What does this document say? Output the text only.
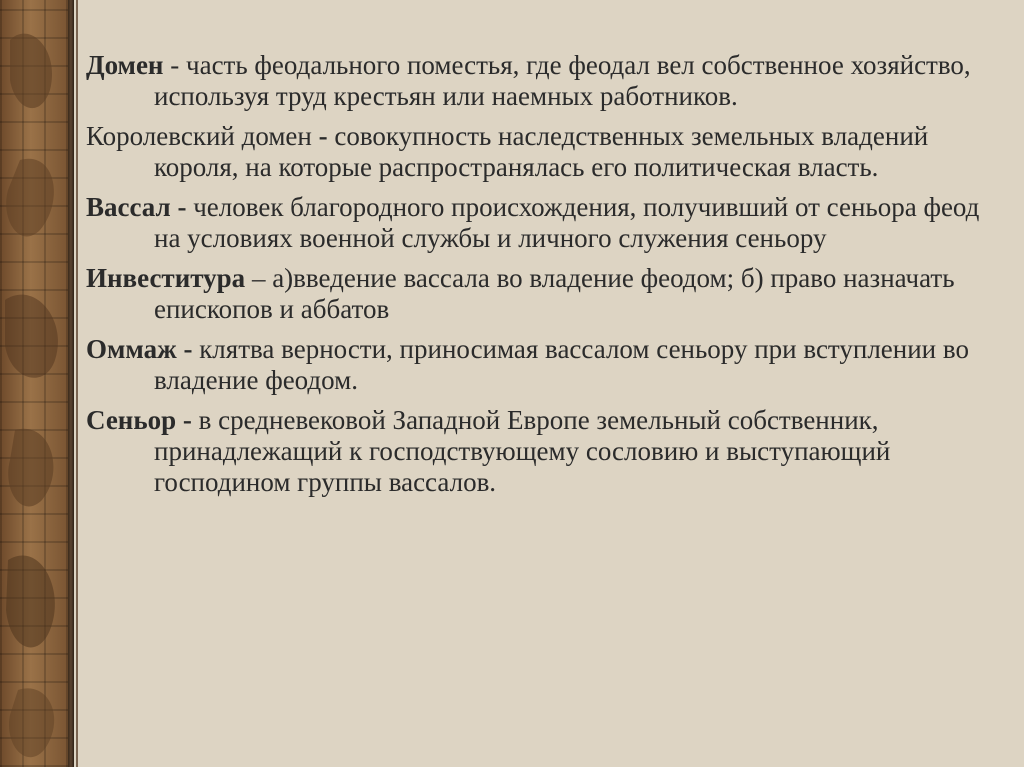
Домен - часть феодального поместья, где феодал вел собственное хозяйство, используя труд крестьян или наемных работников.

Королевский домен - совокупность наследственных земельных владений короля, на которые распространялась его политическая власть.

Вассал - человек благородного происхождения, получивший от сеньора феод на условиях военной службы и личного служения сеньору

Инвеститура – а)введение вассала во владение феодом; б) право назначать епископов и аббатов

Оммаж - клятва верности, приносимая вассалом сеньору при вступлении во владение феодом.

Сеньор - в средневековой Западной Европе земельный собственник, принадлежащий к господствующему сословию и выступающий господином группы вассалов.
